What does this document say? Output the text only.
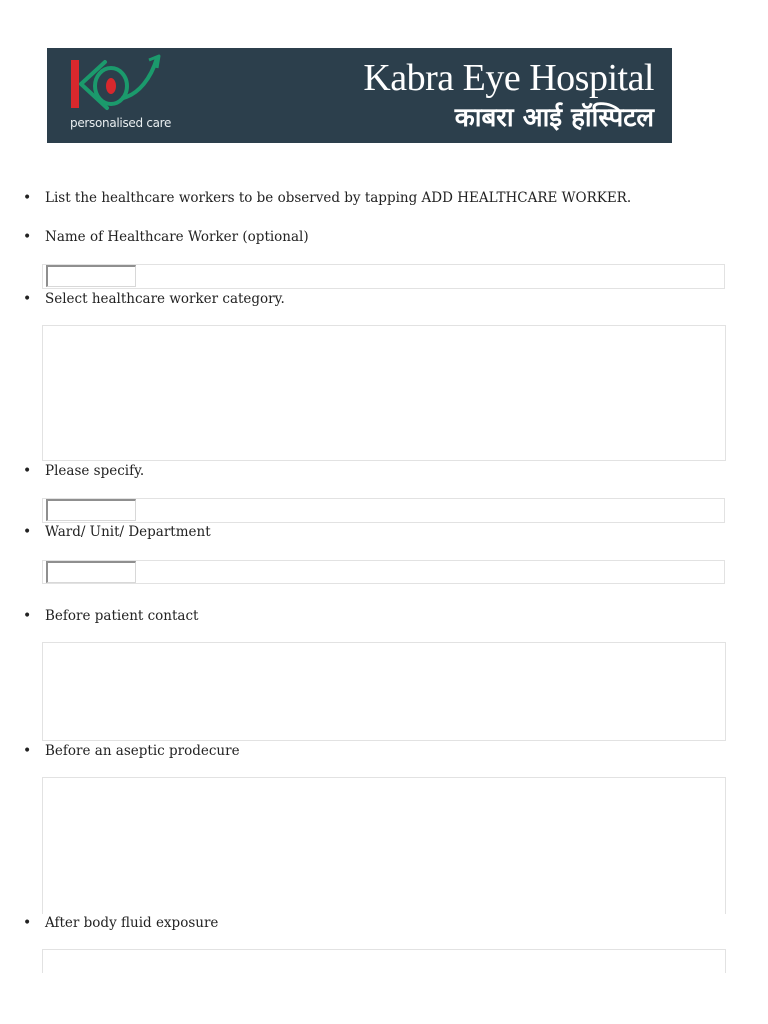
personalised care
Kabra Eye Hospital
काबरा आई हॉस्पिटल
• List the healthcare workers to be observed by tapping ADD HEALTHCARE WORKER.
• Name of Healthcare Worker (optional)
• Select healthcare worker category.
• Please specify.
• Ward/ Unit/ Department
• Before patient contact
• Before an aseptic prodecure
• After body fluid exposure
